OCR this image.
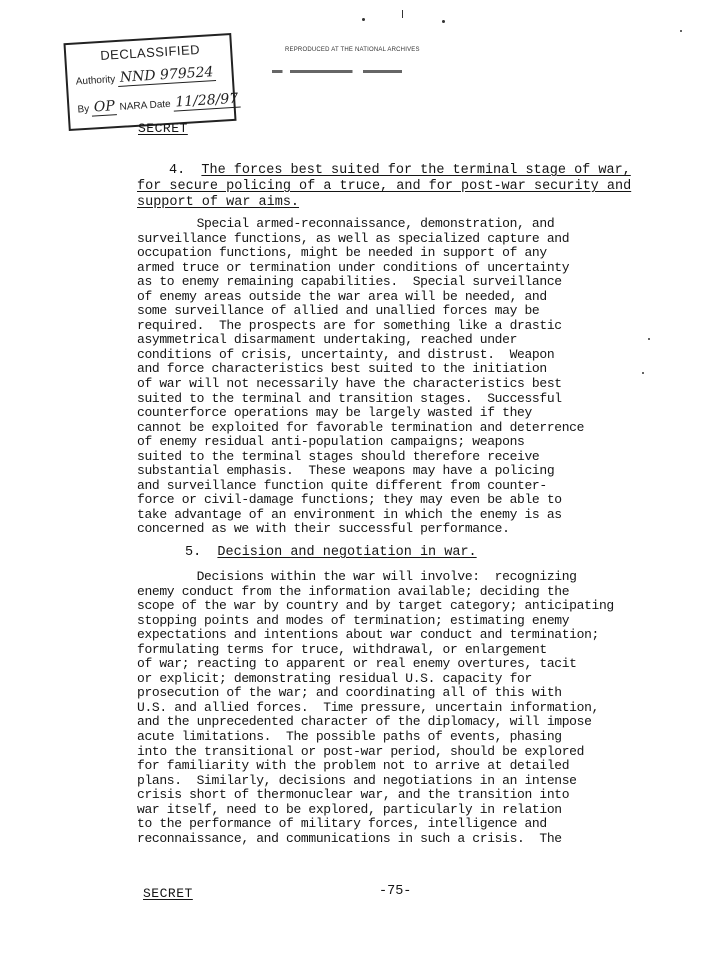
DECLASSIFIED
Authority NND 979524
By OP NARA Date 11/28/97
REPRODUCED AT THE NATIONAL ARCHIVES
SECRET
4. The forces best suited for the terminal stage of war,
for secure policing of a truce, and for post-war security and
support of war aims.
Special armed-reconnaissance, demonstration, and
surveillance functions, as well as specialized capture and
occupation functions, might be needed in support of any
armed truce or termination under conditions of uncertainty
as to enemy remaining capabilities.  Special surveillance
of enemy areas outside the war area will be needed, and
some surveillance of allied and unallied forces may be
required.  The prospects are for something like a drastic
asymmetrical disarmament undertaking, reached under
conditions of crisis, uncertainty, and distrust.  Weapon
and force characteristics best suited to the initiation
of war will not necessarily have the characteristics best
suited to the terminal and transition stages.  Successful
counterforce operations may be largely wasted if they
cannot be exploited for favorable termination and deterrence
of enemy residual anti-population campaigns; weapons
suited to the terminal stages should therefore receive
substantial emphasis.  These weapons may have a policing
and surveillance function quite different from counter-
force or civil-damage functions; they may even be able to
take advantage of an environment in which the enemy is as
concerned as we with their successful performance.
5. Decision and negotiation in war.
Decisions within the war will involve:  recognizing
enemy conduct from the information available; deciding the
scope of the war by country and by target category; anticipating
stopping points and modes of termination; estimating enemy
expectations and intentions about war conduct and termination;
formulating terms for truce, withdrawal, or enlargement
of war; reacting to apparent or real enemy overtures, tacit
or explicit; demonstrating residual U.S. capacity for
prosecution of the war; and coordinating all of this with
U.S. and allied forces.  Time pressure, uncertain information,
and the unprecedented character of the diplomacy, will impose
acute limitations.  The possible paths of events, phasing
into the transitional or post-war period, should be explored
for familiarity with the problem not to arrive at detailed
plans.  Similarly, decisions and negotiations in an intense
crisis short of thermonuclear war, and the transition into
war itself, need to be explored, particularly in relation
to the performance of military forces, intelligence and
reconnaissance, and communications in such a crisis.  The
SECRET	-75-
